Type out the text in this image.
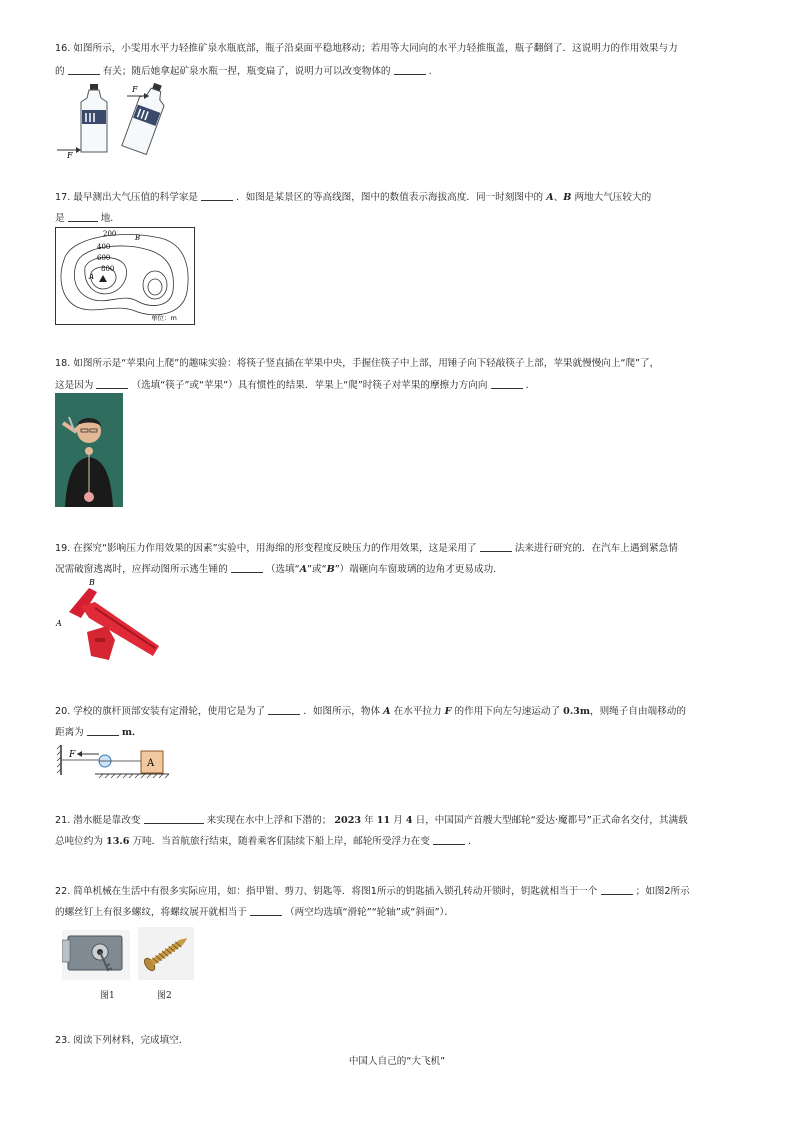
16. 如图所示，小雯用水平力轻推矿泉水瓶底部，瓶子沿桌面平稳地移动；若用等大同向的水平力轻推瓶盖，瓶子翻倒了．这说明力的作用效果与力
的	有关；随后她拿起矿泉水瓶一捏，瓶变扁了，说明力可以改变物体的	．
F
F
17. 最早测出大气压值的科学家是	．如图是某景区的等高线图，图中的数值表示海拔高度．同一时刻图中的 A、B 两地大气压较大的
是	地．
200
400
600
800
A
B
单位：m
18. 如图所示是“苹果向上爬”的趣味实验：将筷子竖直插在苹果中央，手握住筷子中上部，用锤子向下轻敲筷子上部，苹果就慢慢向上“爬”了，
这是因为	（选填“筷子”或“苹果”）具有惯性的结果．苹果上“爬”时筷子对苹果的摩擦力方向向	．
19. 在探究“影响压力作用效果的因素”实验中，用海绵的形变程度反映压力的作用效果，这是采用了	法来进行研究的．在汽车上遇到紧急情
况需破窗逃离时，应挥动图所示逃生锤的	（选填“A”或“B”）端砸向车窗玻璃的边角才更易成功．
B
A
20. 学校的旗杆顶部安装有定滑轮，使用它是为了	．如图所示，物体 A 在水平拉力 F 的作用下向左匀速运动了 0.3m，则绳子自由端移动的
距离为	m．
F
A
21. 潜水艇是靠改变	来实现在水中上浮和下潜的； 2023 年 11 月 4 日，中国国产首艘大型邮轮“爱达·魔都号”正式命名交付，其满载
总吨位约为 13.6 万吨．当首航旅行结束，随着乘客们陆续下船上岸，邮轮所受浮力在变	．
22. 简单机械在生活中有很多实际应用，如：指甲钳、剪刀、钥匙等．将图1所示的钥匙插入锁孔转动开锁时，钥匙就相当于一个	；如图2所示
的螺丝钉上有很多螺纹，将螺纹展开就相当于	（两空均选填“滑轮”“轮轴”或“斜面”）．
图1	图2
23. 阅读下列材料，完成填空．
中国人自己的“大飞机”
